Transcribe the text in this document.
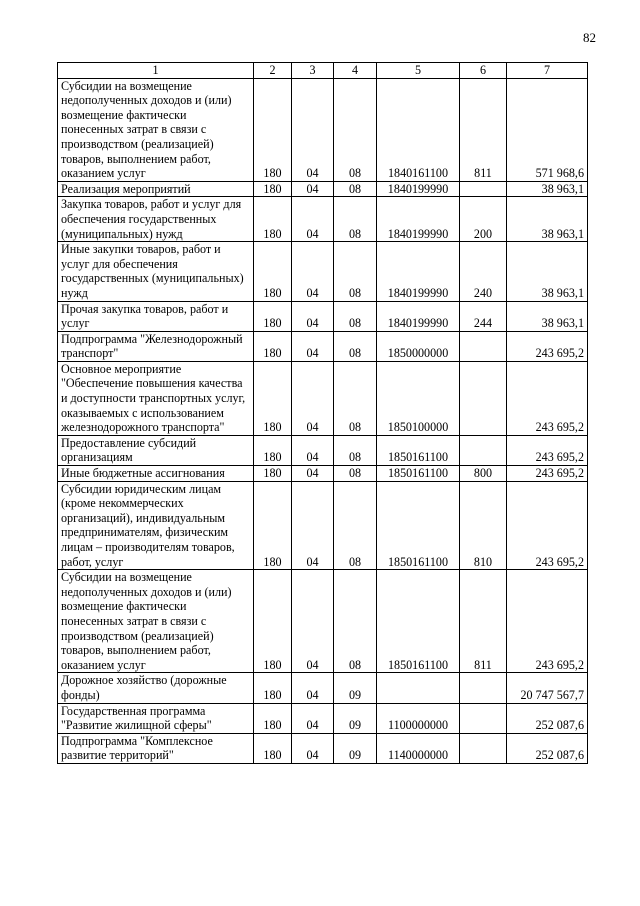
82
1	2	3	4	5	6	7
Субсидии на возмещение недополученных доходов и (или) возмещение фактически понесенных затрат в связи с производством (реализацией) товаров, выполнением работ, оказанием услуг	180	04	08	1840161100	811	571 968,6
Реализация мероприятий	180	04	08	1840199990		38 963,1
Закупка товаров, работ и услуг для обеспечения государственных (муниципальных) нужд	180	04	08	1840199990	200	38 963,1
Иные закупки товаров, работ и услуг для обеспечения государственных (муниципальных) нужд	180	04	08	1840199990	240	38 963,1
Прочая закупка товаров, работ и услуг	180	04	08	1840199990	244	38 963,1
Подпрограмма "Железнодорожный транспорт"	180	04	08	1850000000		243 695,2
Основное мероприятие "Обеспечение повышения качества и доступности транспортных услуг, оказываемых с использованием железнодорожного транспорта"	180	04	08	1850100000		243 695,2
Предоставление субсидий организациям	180	04	08	1850161100		243 695,2
Иные бюджетные ассигнования	180	04	08	1850161100	800	243 695,2
Субсидии юридическим лицам (кроме некоммерческих организаций), индивидуальным предпринимателям, физическим лицам – производителям товаров, работ, услуг	180	04	08	1850161100	810	243 695,2
Субсидии на возмещение недополученных доходов и (или) возмещение фактически понесенных затрат в связи с производством (реализацией) товаров, выполнением работ, оказанием услуг	180	04	08	1850161100	811	243 695,2
Дорожное хозяйство (дорожные фонды)	180	04	09			20 747 567,7
Государственная программа "Развитие жилищной сферы"	180	04	09	1100000000		252 087,6
Подпрограмма "Комплексное развитие территорий"	180	04	09	1140000000		252 087,6
